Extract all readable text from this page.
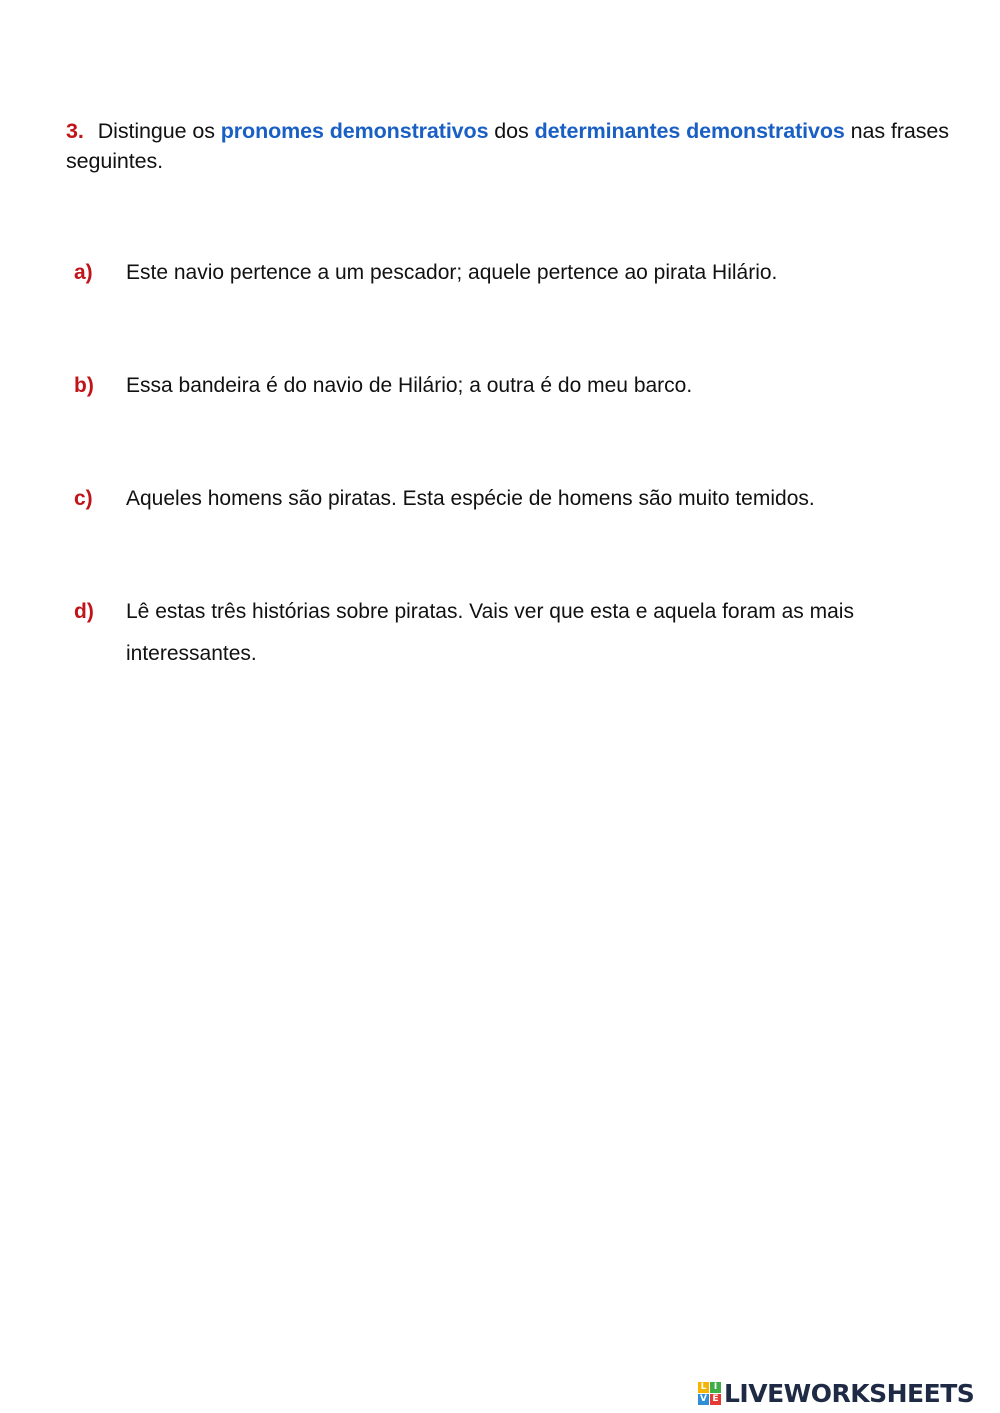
3. Distingue os pronomes demonstrativos dos determinantes demonstrativos nas frases seguintes.
a) Este navio pertence a um pescador; aquele pertence ao pirata Hilário.
b) Essa bandeira é do navio de Hilário; a outra é do meu barco.
c) Aqueles homens são piratas. Esta espécie de homens são muito temidos.
d) Lê estas três histórias sobre piratas. Vais ver que esta e aquela foram as mais interessantes.
L I
V E LIVEWORKSHEETS
